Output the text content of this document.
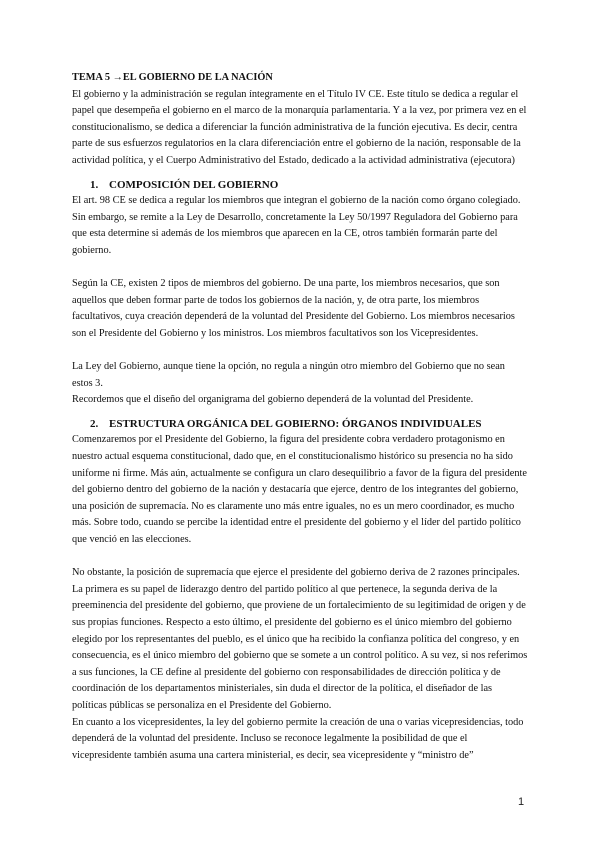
TEMA 5 →EL GOBIERNO DE LA NACIÓN

El gobierno y la administración se regulan íntegramente en el Título IV CE. Este título se dedica a regular el papel que desempeña el gobierno en el marco de la monarquía parlamentaria. Y a la vez, por primera vez en el constitucionalismo, se dedica a diferenciar la función administrativa de la función ejecutiva. Es decir, centra parte de sus esfuerzos regulatorios en la clara diferenciación entre el gobierno de la nación, responsable de la actividad política, y el Cuerpo Administrativo del Estado, dedicado a la actividad administrativa (ejecutora)

1. COMPOSICIÓN DEL GOBIERNO

El art. 98 CE se dedica a regular los miembros que integran el gobierno de la nación como órgano colegiado. Sin embargo, se remite a la Ley de Desarrollo, concretamente la Ley 50/1997 Reguladora del Gobierno para que esta determine si además de los miembros que aparecen en la CE, otros también formarán parte del gobierno.

Según la CE, existen 2 tipos de miembros del gobierno. De una parte, los miembros necesarios, que son aquellos que deben formar parte de todos los gobiernos de la nación, y, de otra parte, los miembros facultativos, cuya creación dependerá de la voluntad del Presidente del Gobierno. Los miembros necesarios son el Presidente del Gobierno y los ministros. Los miembros facultativos son los Vicepresidentes.

La Ley del Gobierno, aunque tiene la opción, no regula a ningún otro miembro del Gobierno que no sean estos 3.

Recordemos que el diseño del organigrama del gobierno dependerá de la voluntad del Presidente.

2. ESTRUCTURA ORGÁNICA DEL GOBIERNO: ÓRGANOS INDIVIDUALES

Comenzaremos por el Presidente del Gobierno, la figura del presidente cobra verdadero protagonismo en nuestro actual esquema constitucional, dado que, en el constitucionalismo histórico su presencia no ha sido uniforme ni firme. Más aún, actualmente se configura un claro desequilibrio a favor de la figura del presidente del gobierno dentro del gobierno de la nación y destacaría que ejerce, dentro de los integrantes del gobierno, una posición de supremacía. No es claramente uno más entre iguales, no es un mero coordinador, es mucho más. Sobre todo, cuando se percibe la identidad entre el presidente del gobierno y el líder del partido político que venció en las elecciones.

No obstante, la posición de supremacía que ejerce el presidente del gobierno deriva de 2 razones principales. La primera es su papel de liderazgo dentro del partido político al que pertenece, la segunda deriva de la preeminencia del presidente del gobierno, que proviene de un fortalecimiento de su legitimidad de origen y de sus propias funciones. Respecto a esto último, el presidente del gobierno es el único miembro del gobierno elegido por los representantes del pueblo, es el único que ha recibido la confianza política del congreso, y en consecuencia, es el único miembro del gobierno que se somete a un control político. A su vez, si nos referimos a sus funciones, la CE define al presidente del gobierno con responsabilidades de dirección política y de coordinación de los departamentos ministeriales, sin duda el director de la política, el diseñador de las políticas públicas se personaliza en el Presidente del Gobierno.

En cuanto a los vicepresidentes, la ley del gobierno permite la creación de una o varias vicepresidencias, todo dependerá de la voluntad del presidente. Incluso se reconoce legalmente la posibilidad de que el vicepresidente también asuma una cartera ministerial, es decir, sea vicepresidente y “ministro de”

1
